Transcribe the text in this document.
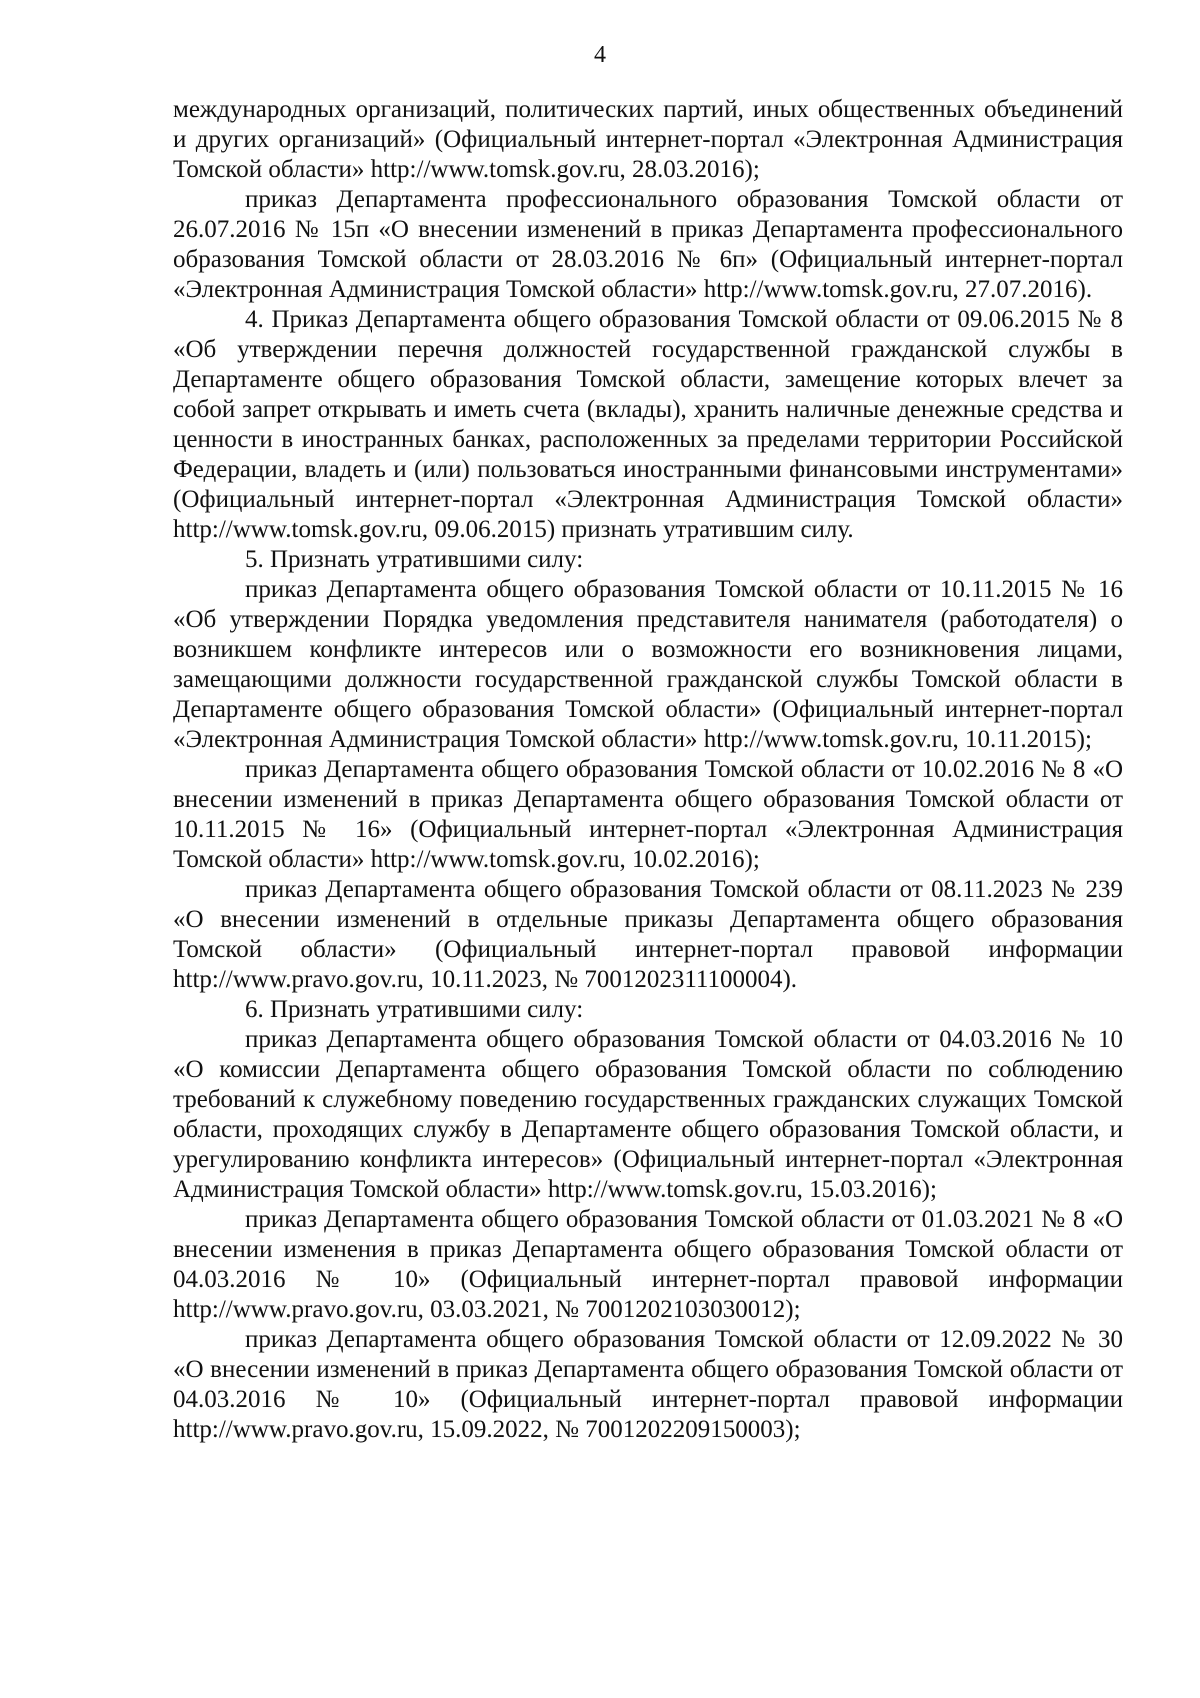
4

международных организаций, политических партий, иных общественных объединений и других организаций» (Официальный интернет-портал «Электронная Администрация Томской области» http://www.tomsk.gov.ru, 28.03.2016);

приказ Департамента профессионального образования Томской области от 26.07.2016 № 15п «О внесении изменений в приказ Департамента профессионального образования Томской области от 28.03.2016 № 6п» (Официальный интернет-портал «Электронная Администрация Томской области» http://www.tomsk.gov.ru, 27.07.2016).

4. Приказ Департамента общего образования Томской области от 09.06.2015 № 8 «Об утверждении перечня должностей государственной гражданской службы в Департаменте общего образования Томской области, замещение которых влечет за собой запрет открывать и иметь счета (вклады), хранить наличные денежные средства и ценности в иностранных банках, расположенных за пределами территории Российской Федерации, владеть и (или) пользоваться иностранными финансовыми инструментами» (Официальный интернет-портал «Электронная Администрация Томской области» http://www.tomsk.gov.ru, 09.06.2015) признать утратившим силу.

5. Признать утратившими силу:

приказ Департамента общего образования Томской области от 10.11.2015 № 16 «Об утверждении Порядка уведомления представителя нанимателя (работодателя) о возникшем конфликте интересов или о возможности его возникновения лицами, замещающими должности государственной гражданской службы Томской области в Департаменте общего образования Томской области» (Официальный интернет-портал «Электронная Администрация Томской области» http://www.tomsk.gov.ru, 10.11.2015);

приказ Департамента общего образования Томской области от 10.02.2016 № 8 «О внесении изменений в приказ Департамента общего образования Томской области от 10.11.2015 № 16» (Официальный интернет-портал «Электронная Администрация Томской области» http://www.tomsk.gov.ru, 10.02.2016);

приказ Департамента общего образования Томской области от 08.11.2023 № 239 «О внесении изменений в отдельные приказы Департамента общего образования Томской области» (Официальный интернет-портал правовой информации http://www.pravo.gov.ru, 10.11.2023, № 7001202311100004).

6. Признать утратившими силу:

приказ Департамента общего образования Томской области от 04.03.2016 № 10 «О комиссии Департамента общего образования Томской области по соблюдению требований к служебному поведению государственных гражданских служащих Томской области, проходящих службу в Департаменте общего образования Томской области, и урегулированию конфликта интересов» (Официальный интернет-портал «Электронная Администрация Томской области» http://www.tomsk.gov.ru, 15.03.2016);

приказ Департамента общего образования Томской области от 01.03.2021 № 8 «О внесении изменения в приказ Департамента общего образования Томской области от 04.03.2016 № 10» (Официальный интернет-портал правовой информации http://www.pravo.gov.ru, 03.03.2021, № 7001202103030012);

приказ Департамента общего образования Томской области от 12.09.2022 № 30 «О внесении изменений в приказ Департамента общего образования Томской области от 04.03.2016 № 10» (Официальный интернет-портал правовой информации http://www.pravo.gov.ru, 15.09.2022, № 7001202209150003);
